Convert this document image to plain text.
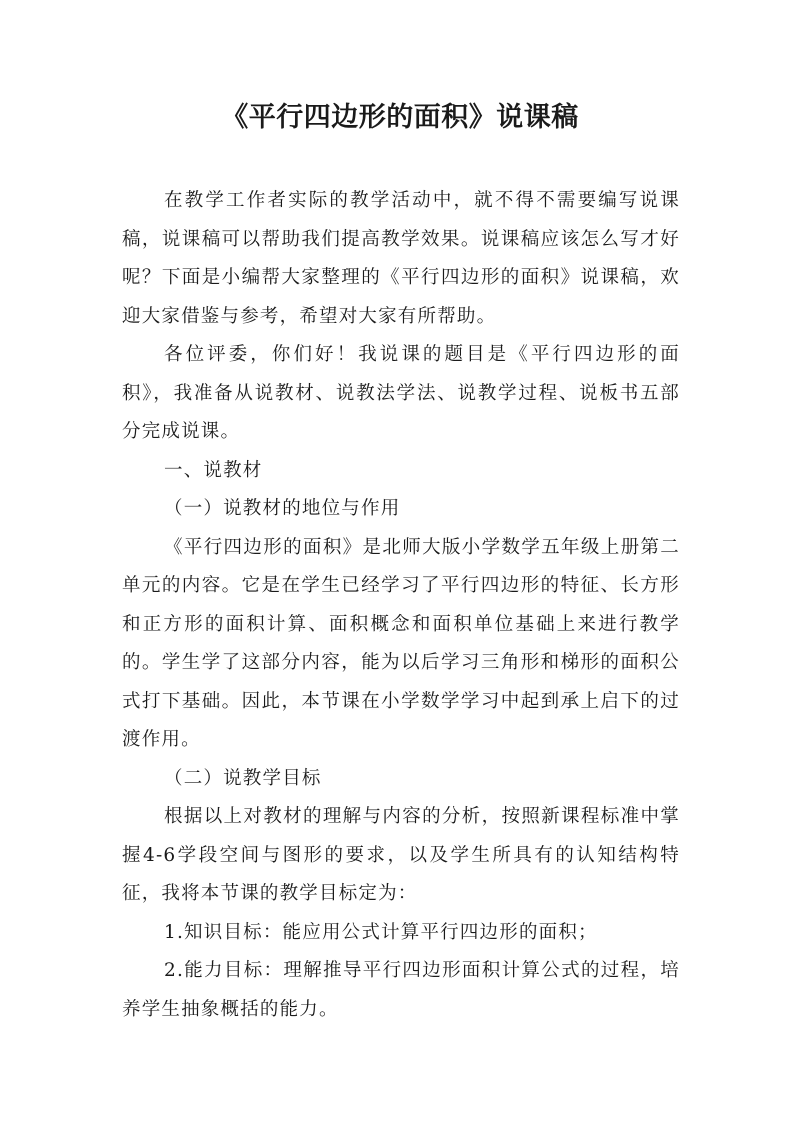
《平行四边形的面积》说课稿

在教学工作者实际的教学活动中，就不得不需要编写说课稿，说课稿可以帮助我们提高教学效果。说课稿应该怎么写才好呢？下面是小编帮大家整理的《平行四边形的面积》说课稿，欢迎大家借鉴与参考，希望对大家有所帮助。

各位评委，你们好！我说课的题目是《平行四边形的面积》，我准备从说教材、说教法学法、说教学过程、说板书五部分完成说课。

一、说教材

（一）说教材的地位与作用

《平行四边形的面积》是北师大版小学数学五年级上册第二单元的内容。它是在学生已经学习了平行四边形的特征、长方形和正方形的面积计算、面积概念和面积单位基础上来进行教学的。学生学了这部分内容，能为以后学习三角形和梯形的面积公式打下基础。因此，本节课在小学数学学习中起到承上启下的过渡作用。

（二）说教学目标

根据以上对教材的理解与内容的分析，按照新课程标准中掌握4-6学段空间与图形的要求，以及学生所具有的认知结构特征，我将本节课的教学目标定为：

1.知识目标：能应用公式计算平行四边形的面积；

2.能力目标：理解推导平行四边形面积计算公式的过程，培养学生抽象概括的能力。
